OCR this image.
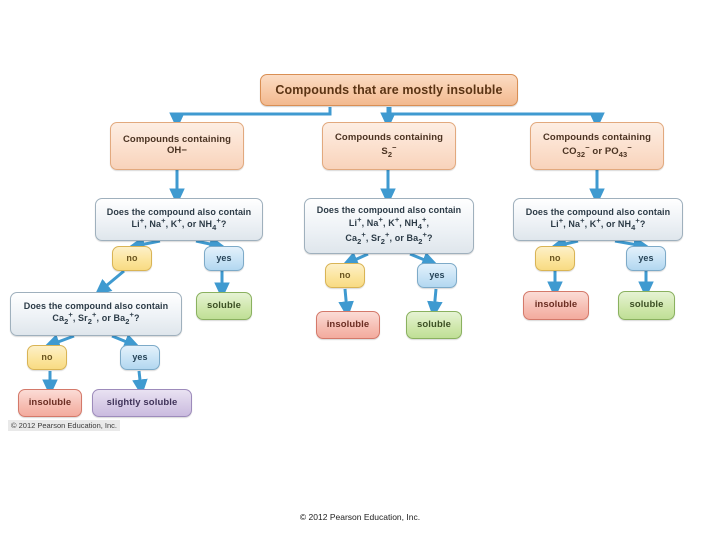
Compounds that are mostly insoluble
Compounds containing
OH−
Does the compound also contain
Li+, Na+, K+, or $NH_4^+$?
no	yes
soluble
Does the compound also contain
$Ca_2^+$, $Sr_2^+$, or $Ba_2^+$?
no	yes
insoluble	slightly soluble
Compounds containing
$S_2^-$
Does the compound also contain
Li+, Na+, K+, $NH_4^+$,
$Ca_2^+$, $Sr_2^+$, or $Ba_2^+$?
no	yes
insoluble	soluble
Compounds containing
$CO_{32}^-$ or $PO_{43}^-$
Does the compound also contain
Li+, Na+, K+, or $NH_4^+$?
no	yes
insoluble	soluble
© 2012 Pearson Education, Inc.
© 2012 Pearson Education, Inc.
